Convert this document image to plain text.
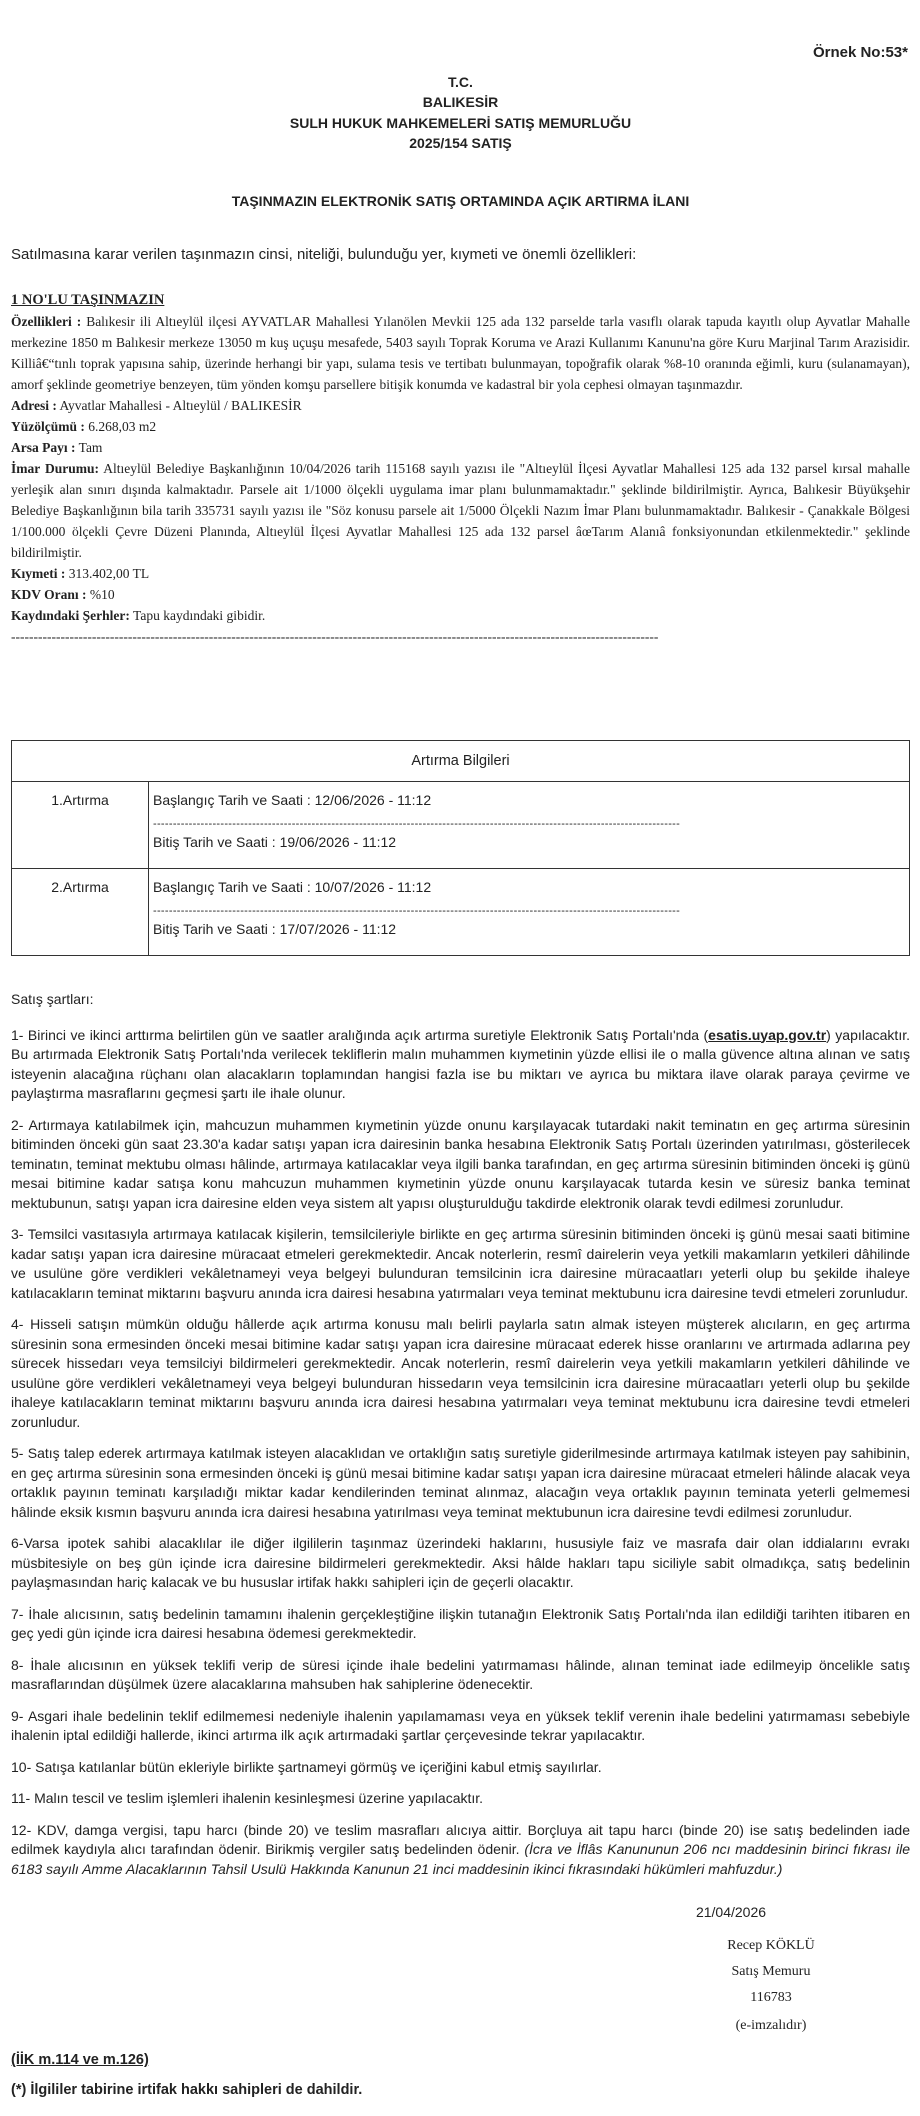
Örnek No:53*
T.C.
BALIKESİR
SULH HUKUK MAHKEMELERİ SATIŞ MEMURLUĞU
2025/154 SATIŞ
TAŞINMAZIN ELEKTRONİK SATIŞ ORTAMINDA AÇIK ARTIRMA İLANI
Satılmasına karar verilen taşınmazın cinsi, niteliği, bulunduğu yer, kıymeti ve önemli özellikleri:

1 NO'LU TAŞINMAZIN

Özellikleri : Balıkesir ili Altıeylül ilçesi AYVATLAR Mahallesi Yılanölen Mevkii 125 ada 132 parselde tarla vasıflı olarak tapuda kayıtlı olup Ayvatlar Mahalle merkezine 1850 m Balıkesir merkeze 13050 m kuş uçuşu mesafede, 5403 sayılı Toprak Koruma ve Arazi Kullanımı Kanunu'na göre Kuru Marjinal Tarım Arazisidir. Killiâ€“tınlı toprak yapısına sahip, üzerinde herhangi bir yapı, sulama tesis ve tertibatı bulunmayan, topoğrafik olarak %8-10 oranında eğimli, kuru (sulanamayan), amorf şeklinde geometriye benzeyen, tüm yönden komşu parsellere bitişik konumda ve kadastral bir yola cephesi olmayan taşınmazdır.

Adresi : Ayvatlar Mahallesi - Altıeylül / BALIKESİR

Yüzölçümü : 6.268,03 m2

Arsa Payı : Tam

İmar Durumu: Altıeylül Belediye Başkanlığının 10/04/2026 tarih 115168 sayılı yazısı ile "Altıeylül İlçesi Ayvatlar Mahallesi 125 ada 132 parsel kırsal mahalle yerleşik alan sınırı dışında kalmaktadır. Parsele ait 1/1000 ölçekli uygulama imar planı bulunmamaktadır." şeklinde bildirilmiştir. Ayrıca, Balıkesir Büyükşehir Belediye Başkanlığının bila tarih 335731 sayılı yazısı ile "Söz konusu parsele ait 1/5000 Ölçekli Nazım İmar Planı bulunmamaktadır. Balıkesir - Çanakkale Bölgesi 1/100.000 ölçekli Çevre Düzeni Planında, Altıeylül İlçesi Ayvatlar Mahallesi 125 ada 132 parsel âœTarım Alanıâ fonksiyonundan etkilenmektedir." şeklinde bildirilmiştir.

Kıymeti : 313.402,00 TL

KDV Oranı : %10

Kaydındaki Şerhler: Tapu kaydındaki gibidir.

------------------------------------------------------------------------------------------------------------------------------------------------

Artırma Bilgileri	
1.Artırma	Başlangıç Tarih ve Saati : 12/06/2026 - 11:12
-------------------------------------------------------------------------------------------------------------------------------------
Bitiş Tarih ve Saati : 19/06/2026 - 11:12

2.Artırma	Başlangıç Tarih ve Saati : 10/07/2026 - 11:12
-------------------------------------------------------------------------------------------------------------------------------------
Bitiş Tarih ve Saati : 17/07/2026 - 11:12

Satış şartları:

1- Birinci ve ikinci arttırma belirtilen gün ve saatler aralığında açık artırma suretiyle Elektronik Satış Portalı'nda (esatis.uyap.gov.tr) yapılacaktır. Bu artırmada Elektronik Satış Portalı'nda verilecek tekliflerin malın muhammen kıymetinin yüzde ellisi ile o malla güvence altına alınan ve satış isteyenin alacağına rüçhanı olan alacakların toplamından hangisi fazla ise bu miktarı ve ayrıca bu miktara ilave olarak paraya çevirme ve paylaştırma masraflarını geçmesi şartı ile ihale olunur.

2- Artırmaya katılabilmek için, mahcuzun muhammen kıymetinin yüzde onunu karşılayacak tutardaki nakit teminatın en geç artırma süresinin bitiminden önceki gün saat 23.30'a kadar satışı yapan icra dairesinin banka hesabına Elektronik Satış Portalı üzerinden yatırılması, gösterilecek teminatın, teminat mektubu olması hâlinde, artırmaya katılacaklar veya ilgili banka tarafından, en geç artırma süresinin bitiminden önceki iş günü mesai bitimine kadar satışa konu mahcuzun muhammen kıymetinin yüzde onunu karşılayacak tutarda kesin ve süresiz banka teminat mektubunun, satışı yapan icra dairesine elden veya sistem alt yapısı oluşturulduğu takdirde elektronik olarak tevdi edilmesi zorunludur.

3- Temsilci vasıtasıyla artırmaya katılacak kişilerin, temsilcileriyle birlikte en geç artırma süresinin bitiminden önceki iş günü mesai saati bitimine kadar satışı yapan icra dairesine müracaat etmeleri gerekmektedir. Ancak noterlerin, resmî dairelerin veya yetkili makamların yetkileri dâhilinde ve usulüne göre verdikleri vekâletnameyi veya belgeyi bulunduran temsilcinin icra dairesine müracaatları yeterli olup bu şekilde ihaleye katılacakların teminat miktarını başvuru anında icra dairesi hesabına yatırmaları veya teminat mektubunu icra dairesine tevdi etmeleri zorunludur.

4- Hisseli satışın mümkün olduğu hâllerde açık artırma konusu malı belirli paylarla satın almak isteyen müşterek alıcıların, en geç artırma süresinin sona ermesinden önceki mesai bitimine kadar satışı yapan icra dairesine müracaat ederek hisse oranlarını ve artırmada adlarına pey sürecek hissedarı veya temsilciyi bildirmeleri gerekmektedir. Ancak noterlerin, resmî dairelerin veya yetkili makamların yetkileri dâhilinde ve usulüne göre verdikleri vekâletnameyi veya belgeyi bulunduran hissedarın veya temsilcinin icra dairesine müracaatları yeterli olup bu şekilde ihaleye katılacakların teminat miktarını başvuru anında icra dairesi hesabına yatırmaları veya teminat mektubunu icra dairesine tevdi etmeleri zorunludur.

5- Satış talep ederek artırmaya katılmak isteyen alacaklıdan ve ortaklığın satış suretiyle giderilmesinde artırmaya katılmak isteyen pay sahibinin, en geç artırma süresinin sona ermesinden önceki iş günü mesai bitimine kadar satışı yapan icra dairesine müracaat etmeleri hâlinde alacak veya ortaklık payının teminatı karşıladığı miktar kadar kendilerinden teminat alınmaz, alacağın veya ortaklık payının teminata yeterli gelmemesi hâlinde eksik kısmın başvuru anında icra dairesi hesabına yatırılması veya teminat mektubunun icra dairesine tevdi edilmesi zorunludur.

6-Varsa ipotek sahibi alacaklılar ile diğer ilgililerin taşınmaz üzerindeki haklarını, hususiyle faiz ve masrafa dair olan iddialarını evrakı müsbitesiyle on beş gün içinde icra dairesine bildirmeleri gerekmektedir. Aksi hâlde hakları tapu siciliyle sabit olmadıkça, satış bedelinin paylaşmasından hariç kalacak ve bu hususlar irtifak hakkı sahipleri için de geçerli olacaktır.

7- İhale alıcısının, satış bedelinin tamamını ihalenin gerçekleştiğine ilişkin tutanağın Elektronik Satış Portalı'nda ilan edildiği tarihten itibaren en geç yedi gün içinde icra dairesi hesabına ödemesi gerekmektedir.

8- İhale alıcısının en yüksek teklifi verip de süresi içinde ihale bedelini yatırmaması hâlinde, alınan teminat iade edilmeyip öncelikle satış masraflarından düşülmek üzere alacaklarına mahsuben hak sahiplerine ödenecektir.

9- Asgari ihale bedelinin teklif edilmemesi nedeniyle ihalenin yapılamaması veya en yüksek teklif verenin ihale bedelini yatırmaması sebebiyle ihalenin iptal edildiği hallerde, ikinci artırma ilk açık artırmadaki şartlar çerçevesinde tekrar yapılacaktır.

10- Satışa katılanlar bütün ekleriyle birlikte şartnameyi görmüş ve içeriğini kabul etmiş sayılırlar.

11- Malın tescil ve teslim işlemleri ihalenin kesinleşmesi üzerine yapılacaktır.

12- KDV, damga vergisi, tapu harcı (binde 20) ve teslim masrafları alıcıya aittir. Borçluya ait tapu harcı (binde 20) ise satış bedelinden iade edilmek kaydıyla alıcı tarafından ödenir. Birikmiş vergiler satış bedelinden ödenir. (İcra ve İflâs Kanununun 206 ncı maddesinin birinci fıkrası ile 6183 sayılı Amme Alacaklarının Tahsil Usulü Hakkında Kanunun 21 inci maddesinin ikinci fıkrasındaki hükümleri mahfuzdur.)

21/04/2026
Recep KÖKLÜ
Satış Memuru
116783
(e-imzalıdır)
(İİK m.114 ve m.126)
(*) İlgililer tabirine irtifak hakkı sahipleri de dahildir.
